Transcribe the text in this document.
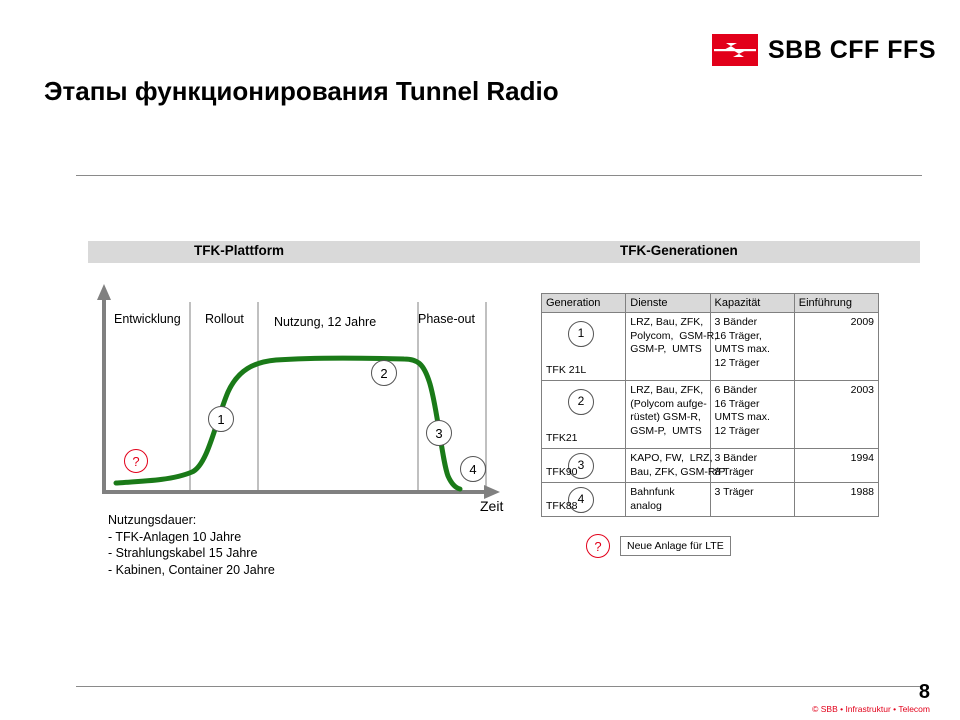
SBB CFF FFS
Этапы функционирования Tunnel Radio
TFK-Plattform	TFK-Generationen
Entwicklung Rollout Nutzung, 12 Jahre	Phase-out
?
1
2
3
4
Zeit
Nutzungsdauer:
- TFK-Anlagen 10 Jahre
- Strahlungskabel 15 Jahre
- Kabinen, Container 20 Jahre
Generation	Dienste	Kapazität	Einführung

1
TFK 21L	LRZ, Bau, ZFK,
Polycom,  GSM-R,
GSM-P,  UMTS	3 Bänder
16 Träger,
UMTS max.
12 Träger	2009

2
TFK21	LRZ, Bau, ZFK,
(Polycom aufge-
rüstet) GSM-R,
GSM-P,  UMTS	6 Bänder
16 Träger
UMTS max.
12 Träger	2003

3
TFK90	KAPO, FW,  LRZ,
Bau, ZFK, GSM-R/P	3 Bänder
8 Träger	1994

4
TFK88	Bahnfunk
analog	3 Träger	1988
?	Neue Anlage für LTE
8
© SBB • Infrastruktur • Telecom
